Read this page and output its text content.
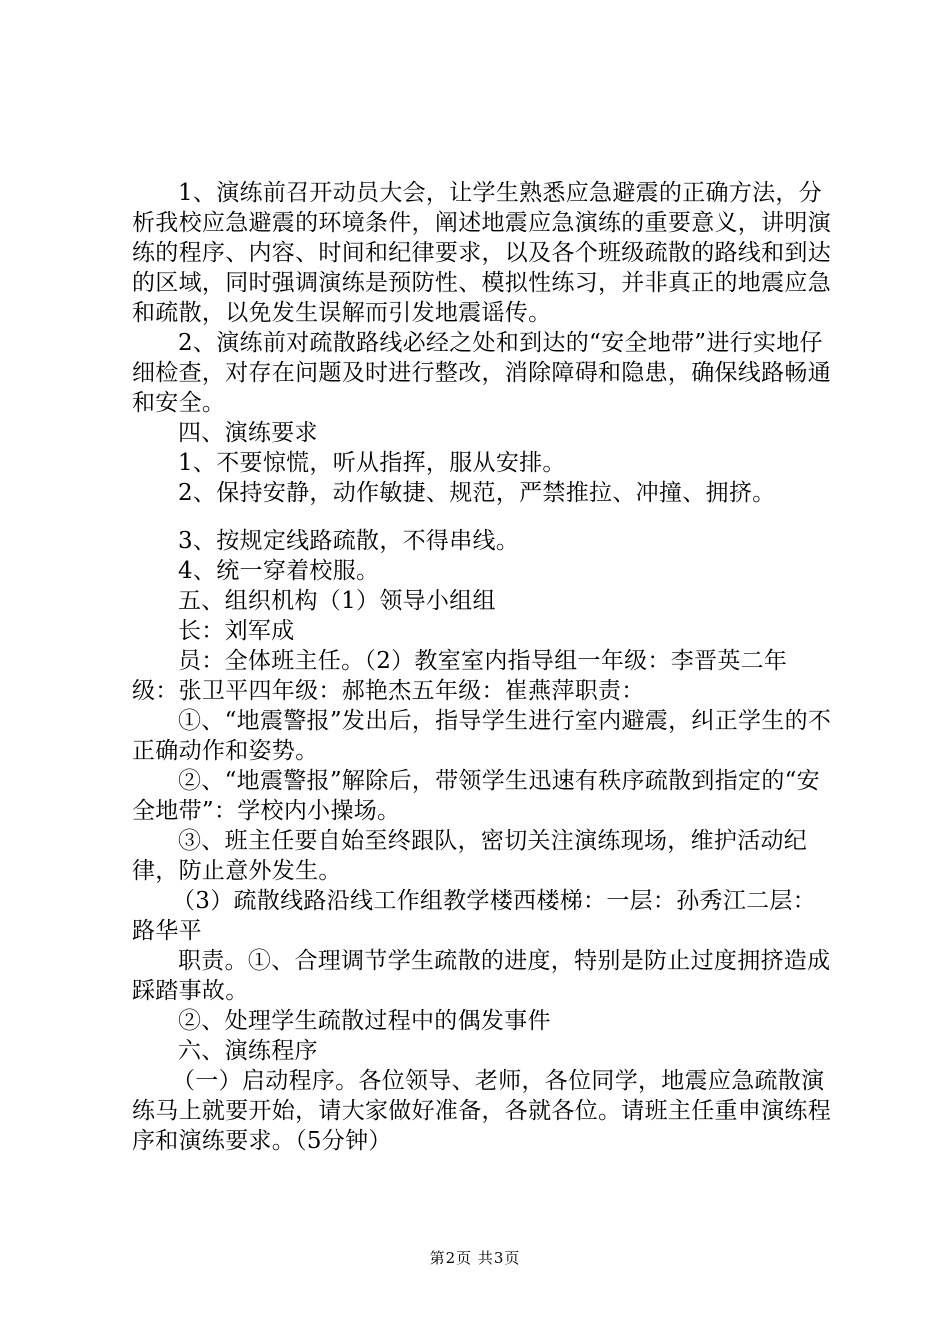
1、演练前召开动员大会，让学生熟悉应急避震的正确方法，分析我校应急避震的环境条件，阐述地震应急演练的重要意义，讲明演练的程序、内容、时间和纪律要求，以及各个班级疏散的路线和到达的区域，同时强调演练是预防性、模拟性练习，并非真正的地震应急和疏散，以免发生误解而引发地震谣传。

2、演练前对疏散路线必经之处和到达的“安全地带”进行实地仔细检查，对存在问题及时进行整改，消除障碍和隐患，确保线路畅通和安全。

四、演练要求

1、不要惊慌，听从指挥，服从安排。

2、保持安静，动作敏捷、规范，严禁推拉、冲撞、拥挤。

3、按规定线路疏散，不得串线。

4、统一穿着校服。

五、组织机构（1）领导小组组

长：刘军成

员：全体班主任。（2）教室室内指导组一年级：李晋英二年级：张卫平四年级：郝艳杰五年级：崔燕萍职责：

①、“地震警报”发出后，指导学生进行室内避震，纠正学生的不正确动作和姿势。

②、“地震警报”解除后，带领学生迅速有秩序疏散到指定的“安全地带”：学校内小操场。

③、班主任要自始至终跟队，密切关注演练现场，维护活动纪律，防止意外发生。

（3）疏散线路沿线工作组教学楼西楼梯：一层：孙秀江二层：路华平

职责。①、合理调节学生疏散的进度，特别是防止过度拥挤造成踩踏事故。

②、处理学生疏散过程中的偶发事件

六、演练程序

（一）启动程序。各位领导、老师，各位同学，地震应急疏散演练马上就要开始，请大家做好准备，各就各位。请班主任重申演练程序和演练要求。（5分钟）

第2页 共3页
